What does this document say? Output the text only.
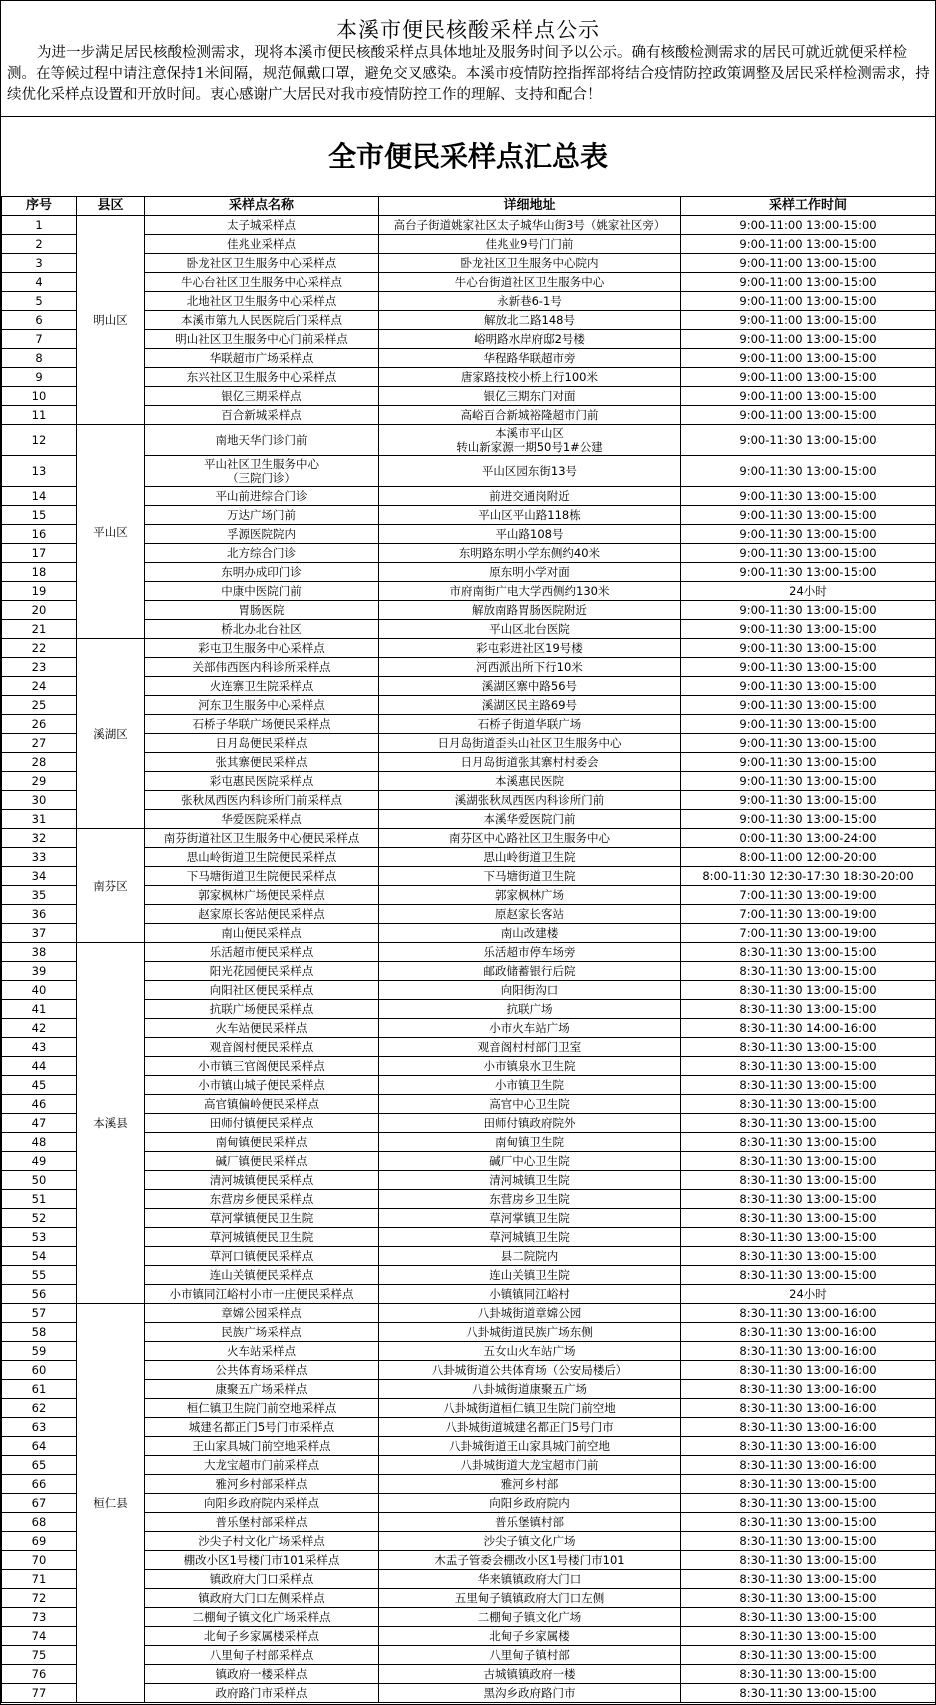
本溪市便民核酸采样点公示
为进一步满足居民核酸检测需求，现将本溪市便民核酸采样点具体地址及服务时间予以公示。确有核酸检测需求的居民可就近就便采样检测。在等候过程中请注意保持1米间隔，规范佩戴口罩，避免交叉感染。本溪市疫情防控指挥部将结合疫情防控政策调整及居民采样检测需求，持续优化采样点设置和开放时间。衷心感谢广大居民对我市疫情防控工作的理解、支持和配合！
全市便民采样点汇总表
序号	县区	采样点名称	详细地址	采样工作时间
1	明山区	太子城采样点	高台子街道姚家社区太子城华山街3号（姚家社区旁）	9:00-11:00 13:00-15:00
2		佳兆业采样点	佳兆业9号门门前	9:00-11:00 13:00-15:00
3		卧龙社区卫生服务中心采样点	卧龙社区卫生服务中心院内	9:00-11:00 13:00-15:00
4		牛心台社区卫生服务中心采样点	牛心台街道社区卫生服务中心	9:00-11:00 13:00-15:00
5		北地社区卫生服务中心采样点	永新巷6-1号	9:00-11:00 13:00-15:00
6		本溪市第九人民医院后门采样点	解放北二路148号	9:00-11:00 13:00-15:00
7		明山社区卫生服务中心门前采样点	峪明路水岸府邸2号楼	9:00-11:00 13:00-15:00
8		华联超市广场采样点	华程路华联超市旁	9:00-11:00 13:00-15:00
9		东兴社区卫生服务中心采样点	唐家路技校小桥上行100米	9:00-11:00 13:00-15:00
10		银亿三期采样点	银亿三期东门对面	9:00-11:00 13:00-15:00
11		百合新城采样点	高峪百合新城裕隆超市门前	9:00-11:00 13:00-15:00
12	平山区	南地天华门诊门前	本溪市平山区
转山新家源一期50号1#公建	9:00-11:30 13:00-15:00
13		平山社区卫生服务中心
（三院门诊）	平山区园东街13号	9:00-11:30 13:00-15:00
14		平山前进综合门诊	前进交通岗附近	9:00-11:30 13:00-15:00
15		万达广场门前	平山区平山路118栋	9:00-11:30 13:00-15:00
16		孚源医院院内	平山路108号	9:00-11:30 13:00-15:00
17		北方综合门诊	东明路东明小学东侧约40米	9:00-11:30 13:00-15:00
18		东明办成印门诊	原东明小学对面	9:00-11:30 13:00-15:00
19		中康中医院门前	市府南街广电大学西侧约130米	24小时
20		胃肠医院	解放南路胃肠医院附近	9:00-11:30 13:00-15:00
21		桥北办北台社区	平山区北台医院	9:00-11:30 13:00-15:00
22	溪湖区	彩屯卫生服务中心采样点	彩屯彩进社区19号楼	9:00-11:30 13:00-15:00
23		关部伟西医内科诊所采样点	河西派出所下行10米	9:00-11:30 13:00-15:00
24		火连寨卫生院采样点	溪湖区寨中路56号	9:00-11:30 13:00-15:00
25		河东卫生服务中心采样点	溪湖区民主路69号	9:00-11:30 13:00-15:00
26		石桥子华联广场便民采样点	石桥子街道华联广场	9:00-11:30 13:00-15:00
27		日月岛便民采样点	日月岛街道歪头山社区卫生服务中心	9:00-11:30 13:00-15:00
28		张其寨便民采样点	日月岛街道张其寨村村委会	9:00-11:30 13:00-15:00
29		彩屯惠民医院采样点	本溪惠民医院	9:00-11:30 13:00-15:00
30		张秋凤西医内科诊所门前采样点	溪湖张秋凤西医内科诊所门前	9:00-11:30 13:00-15:00
31		华爱医院采样点	本溪华爱医院门前	9:00-11:30 13:00-15:00
32	南芬区	南芬街道社区卫生服务中心便民采样点	南芬区中心路社区卫生服务中心	0:00-11:30 13:00-24:00
33		思山岭街道卫生院便民采样点	思山岭街道卫生院	8:00-11:00 12:00-20:00
34		下马塘街道卫生院便民采样点	下马塘街道卫生院	8:00-11:30 12:30-17:30 18:30-20:00
35		郭家枫林广场便民采样点	郭家枫林广场	7:00-11:30 13:00-19:00
36		赵家原长客站便民采样点	原赵家长客站	7:00-11:30 13:00-19:00
37		南山便民采样点	南山改建楼	7:00-11:30 13:00-19:00
38	本溪县	乐活超市便民采样点	乐活超市停车场旁	8:30-11:30 13:00-15:00
39		阳光花园便民采样点	邮政储蓄银行后院	8:30-11:30 13:00-15:00
40		向阳社区便民采样点	向阳街沟口	8:30-11:30 13:00-15:00
41		抗联广场便民采样点	抗联广场	8:30-11:30 13:00-15:00
42		火车站便民采样点	小市火车站广场	8:30-11:30 14:00-16:00
43		观音阁村便民采样点	观音阁村村部门卫室	8:30-11:30 13:00-15:00
44		小市镇三官阁便民采样点	小市镇泉水卫生院	8:30-11:30 13:00-15:00
45		小市镇山城子便民采样点	小市镇卫生院	8:30-11:30 13:00-15:00
46		高官镇偏岭便民采样点	高官中心卫生院	8:30-11:30 13:00-15:00
47		田师付镇便民采样点	田师付镇政府院外	8:30-11:30 13:00-15:00
48		南甸镇便民采样点	南甸镇卫生院	8:30-11:30 13:00-15:00
49		碱厂镇便民采样点	碱厂中心卫生院	8:30-11:30 13:00-15:00
50		清河城镇便民采样点	清河城镇卫生院	8:30-11:30 13:00-15:00
51		东营房乡便民采样点	东营房乡卫生院	8:30-11:30 13:00-15:00
52		草河掌镇便民卫生院	草河掌镇卫生院	8:30-11:30 13:00-15:00
53		草河城镇便民卫生院	草河城镇卫生院	8:30-11:30 13:00-15:00
54		草河口镇便民采样点	县二院院内	8:30-11:30 13:00-15:00
55		连山关镇便民采样点	连山关镇卫生院	8:30-11:30 13:00-15:00
56		小市镇同江峪村小市一庄便民采样点	小镇镇同江峪村	24小时
57	桓仁县	章嫦公园采样点	八卦城街道章嫦公园	8:30-11:30 13:00-16:00
58		民族广场采样点	八卦城街道民族广场东侧	8:30-11:30 13:00-16:00
59		火车站采样点	五女山火车站广场	8:30-11:30 13:00-16:00
60		公共体育场采样点	八卦城街道公共体育场（公安局楼后）	8:30-11:30 13:00-16:00
61		康聚五广场采样点	八卦城街道康聚五广场	8:30-11:30 13:00-16:00
62		桓仁镇卫生院门前空地采样点	八卦城街道桓仁镇卫生院门前空地	8:30-11:30 13:00-16:00
63		城建名都正门5号门市采样点	八卦城街道城建名都正门5号门市	8:30-11:30 13:00-16:00
64		王山家具城门前空地采样点	八卦城街道王山家具城门前空地	8:30-11:30 13:00-16:00
65		大龙宝超市门前采样点	八卦城街道大龙宝超市门前	8:30-11:30 13:00-16:00
66		雅河乡村部采样点	雅河乡村部	8:30-11:30 13:00-15:00
67		向阳乡政府院内采样点	向阳乡政府院内	8:30-11:30 13:00-15:00
68		普乐堡村部采样点	普乐堡镇村部	8:30-11:30 13:00-15:00
69		沙尖子村文化广场采样点	沙尖子镇文化广场	8:30-11:30 13:00-15:00
70		棚改小区1号楼门市101采样点	木盂子管委会棚改小区1号楼门市101	8:30-11:30 13:00-15:00
71		镇政府大门口采样点	华来镇镇政府大门口	8:30-11:30 13:00-15:00
72		镇政府大门口左侧采样点	五里甸子镇镇政府大门口左侧	8:30-11:30 13:00-15:00
73		二棚甸子镇文化广场采样点	二棚甸子镇文化广场	8:30-11:30 13:00-15:00
74		北甸子乡家属楼采样点	北甸子乡家属楼	8:30-11:30 13:00-15:00
75		八里甸子村部采样点	八里甸子镇村部	8:30-11:30 13:00-15:00
76		镇政府一楼采样点	古城镇镇政府一楼	8:30-11:30 13:00-15:00
77		政府路门市采样点	黑沟乡政府路门市	8:30-11:30 13:00-15:00
